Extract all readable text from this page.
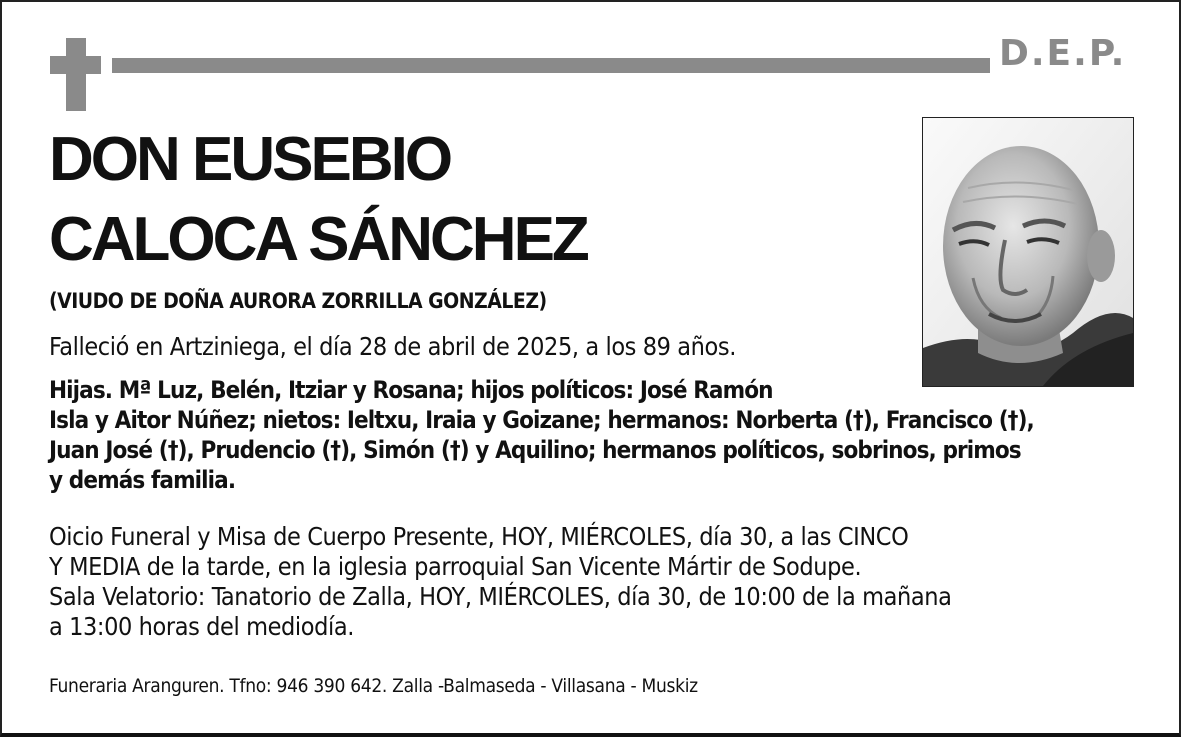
D.E.P.
DON EUSEBIO
CALOCA SÁNCHEZ
(VIUDO DE DOÑA AURORA ZORRILLA GONZÁLEZ)
Falleció en Artziniega, el día 28 de abril de 2025, a los 89 años.
Hijas. Mª Luz, Belén, Itziar y Rosana; hijos políticos: José Ramón
Isla y Aitor Núñez; nietos: Ieltxu, Iraia y Goizane; hermanos: Norberta (†), Francisco (†),
Juan José (†), Prudencio (†), Simón (†) y Aquilino; hermanos políticos, sobrinos, primos
y demás familia.
Oicio Funeral y Misa de Cuerpo Presente, HOY, MIÉRCOLES, día 30, a las CINCO
Y MEDIA de la tarde, en la iglesia parroquial San Vicente Mártir de Sodupe.
Sala Velatorio: Tanatorio de Zalla, HOY, MIÉRCOLES, día 30, de 10:00 de la mañana
a 13:00 horas del mediodía.
Funeraria Aranguren. Tfno: 946 390 642. Zalla -Balmaseda - Villasana - Muskiz
